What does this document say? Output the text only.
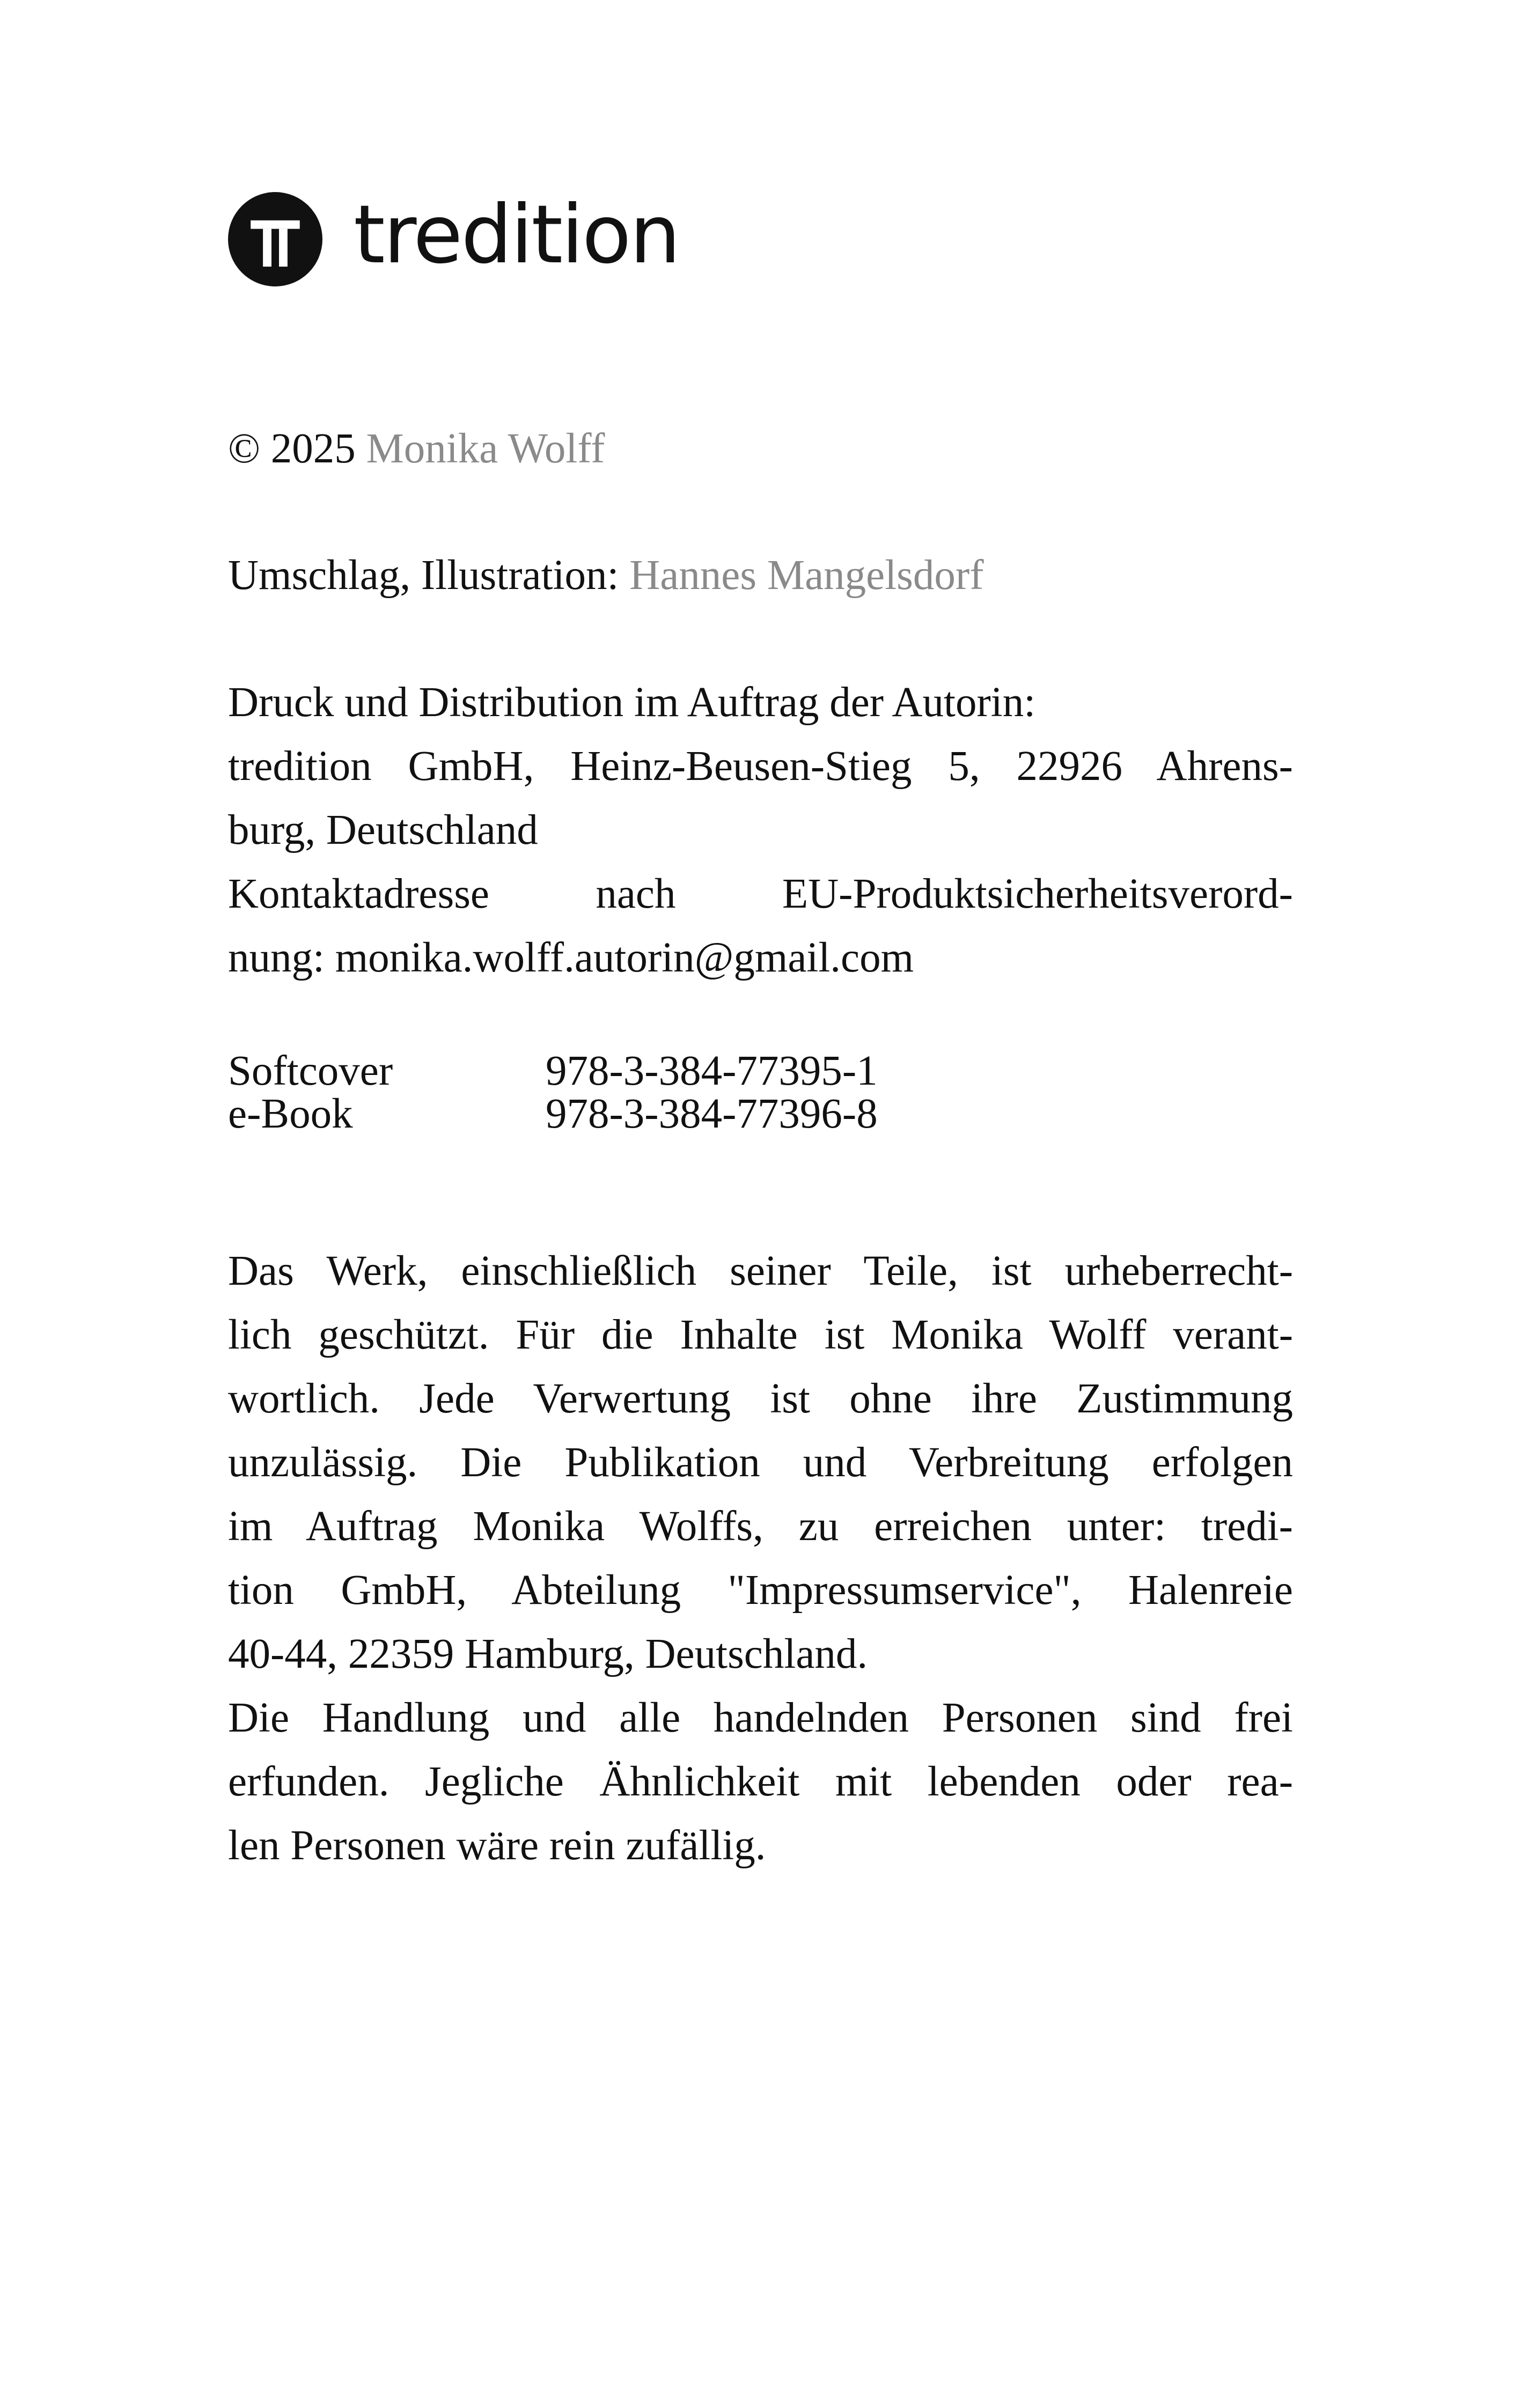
tredition
© 2025 Monika Wolff
Umschlag, Illustration: Hannes Mangelsdorf
Druck und Distribution im Auftrag der Autorin:
tredition GmbH, Heinz-Beusen-Stieg 5, 22926 Ahrens-
burg, Deutschland
Kontaktadresse nach EU-Produktsicherheitsverord-
nung: monika.wolff.autorin@gmail.com
Softcover	978-3-384-77395-1
e-Book	978-3-384-77396-8
Das Werk, einschließlich seiner Teile, ist urheberrecht-
lich geschützt. Für die Inhalte ist Monika Wolff verant-
wortlich. Jede Verwertung ist ohne ihre Zustimmung
unzulässig. Die Publikation und Verbreitung erfolgen
im Auftrag Monika Wolffs, zu erreichen unter: tredi-
tion GmbH, Abteilung "Impressumservice", Halenreie
40-44, 22359 Hamburg, Deutschland.
Die Handlung und alle handelnden Personen sind frei
erfunden. Jegliche Ähnlichkeit mit lebenden oder rea-
len Personen wäre rein zufällig.
